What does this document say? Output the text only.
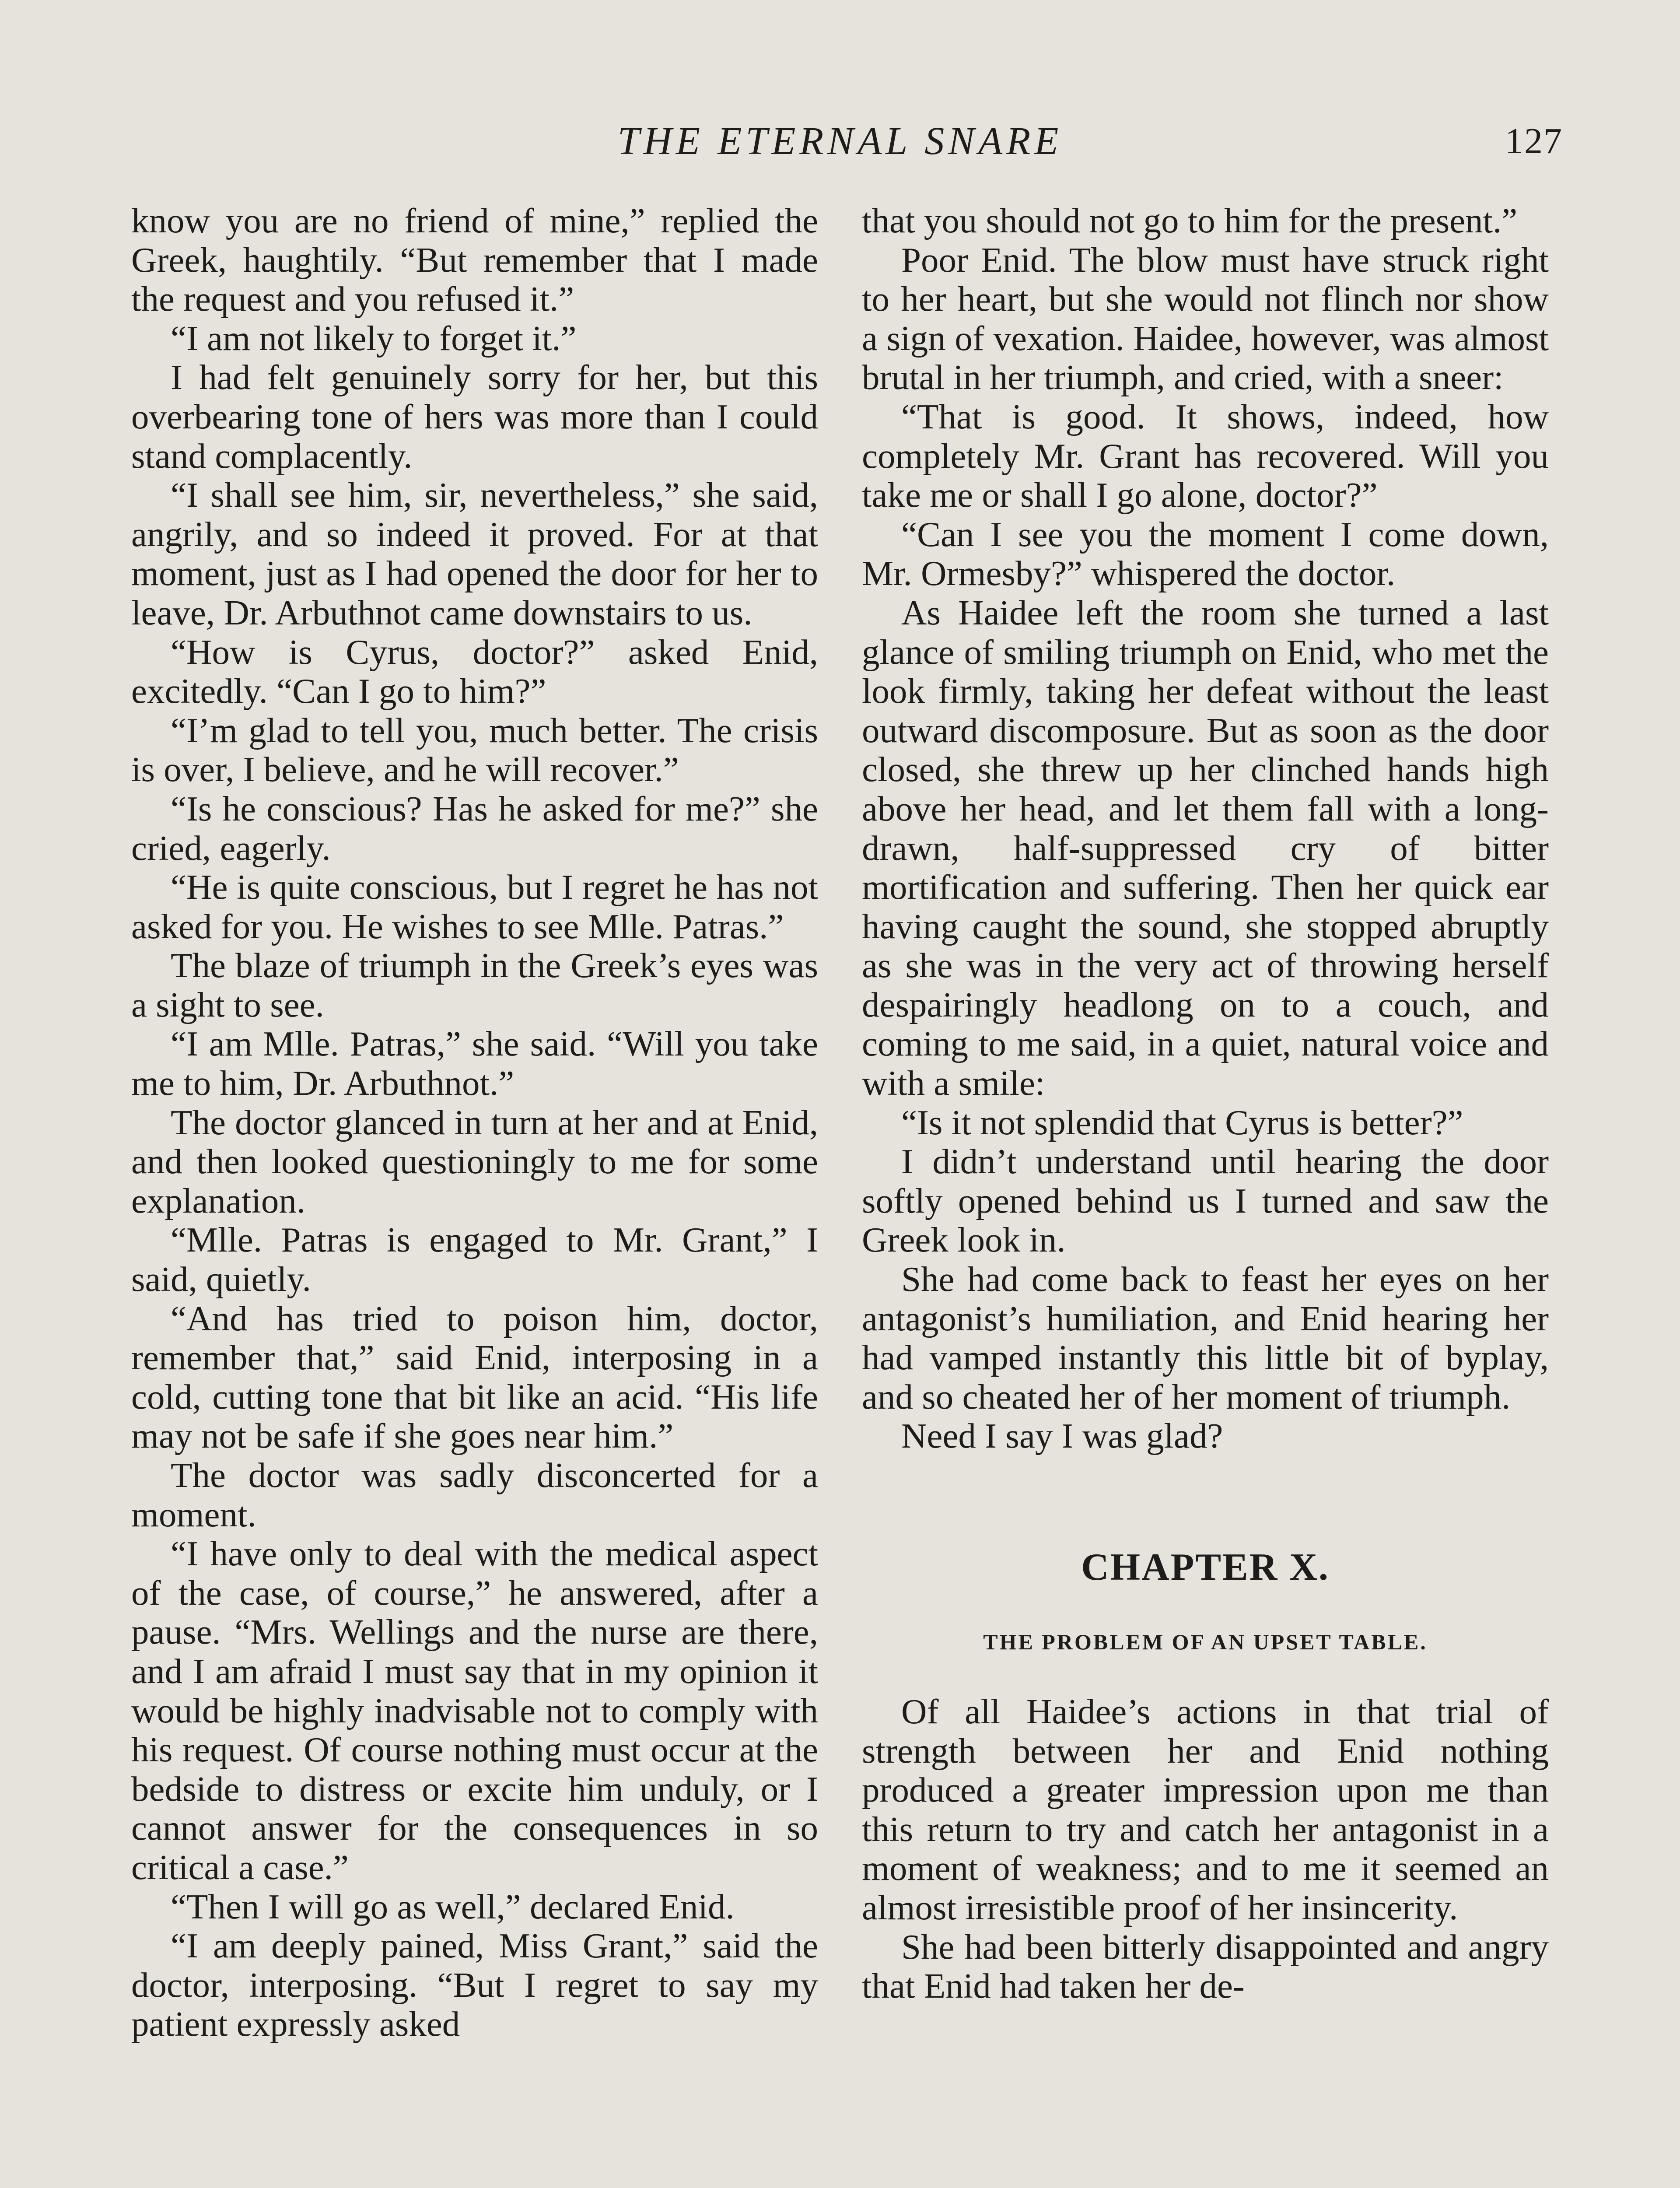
THE ETERNAL SNARE	127

know you are no friend of mine,” replied the Greek, haughtily. “But remember that I made the request and you refused it.”

“I am not likely to forget it.”

I had felt genuinely sorry for her, but this overbearing tone of hers was more than I could stand complacently.

“I shall see him, sir, nevertheless,” she said, angrily, and so indeed it proved. For at that moment, just as I had opened the door for her to leave, Dr. Arbuthnot came downstairs to us.

“How is Cyrus, doctor?” asked Enid, excitedly. “Can I go to him?”

“I’m glad to tell you, much better. The crisis is over, I believe, and he will recover.”

“Is he conscious? Has he asked for me?” she cried, eagerly.

“He is quite conscious, but I regret he has not asked for you. He wishes to see Mlle. Patras.”

The blaze of triumph in the Greek’s eyes was a sight to see.

“I am Mlle. Patras,” she said. “Will you take me to him, Dr. Arbuthnot.”

The doctor glanced in turn at her and at Enid, and then looked questioningly to me for some explanation.

“Mlle. Patras is engaged to Mr. Grant,” I said, quietly.

“And has tried to poison him, doctor, remember that,” said Enid, interposing in a cold, cutting tone that bit like an acid. “His life may not be safe if she goes near him.”

The doctor was sadly disconcerted for a moment.

“I have only to deal with the medical aspect of the case, of course,” he answered, after a pause. “Mrs. Wellings and the nurse are there, and I am afraid I must say that in my opinion it would be highly inadvisable not to comply with his request. Of course nothing must occur at the bedside to distress or excite him unduly, or I cannot answer for the consequences in so critical a case.”

“Then I will go as well,” declared Enid.

“I am deeply pained, Miss Grant,” said the doctor, interposing. “But I regret to say my patient expressly asked

that you should not go to him for the present.”

Poor Enid. The blow must have struck right to her heart, but she would not flinch nor show a sign of vexation. Haidee, however, was almost brutal in her triumph, and cried, with a sneer:

“That is good. It shows, indeed, how completely Mr. Grant has recovered. Will you take me or shall I go alone, doctor?”

“Can I see you the moment I come down, Mr. Ormesby?” whispered the doctor.

As Haidee left the room she turned a last glance of smiling triumph on Enid, who met the look firmly, taking her defeat without the least outward discomposure. But as soon as the door closed, she threw up her clinched hands high above her head, and let them fall with a long-drawn, half-suppressed cry of bitter mortification and suffering. Then her quick ear having caught the sound, she stopped abruptly as she was in the very act of throwing herself despairingly headlong on to a couch, and coming to me said, in a quiet, natural voice and with a smile:

“Is it not splendid that Cyrus is better?”

I didn’t understand until hearing the door softly opened behind us I turned and saw the Greek look in.

She had come back to feast her eyes on her antagonist’s humiliation, and Enid hearing her had vamped instantly this little bit of byplay, and so cheated her of her moment of triumph.

Need I say I was glad?

CHAPTER X.
THE PROBLEM OF AN UPSET TABLE.

Of all Haidee’s actions in that trial of strength between her and Enid nothing produced a greater impression upon me than this return to try and catch her antagonist in a moment of weakness; and to me it seemed an almost irresistible proof of her insincerity.

She had been bitterly disappointed and angry that Enid had taken her de-
